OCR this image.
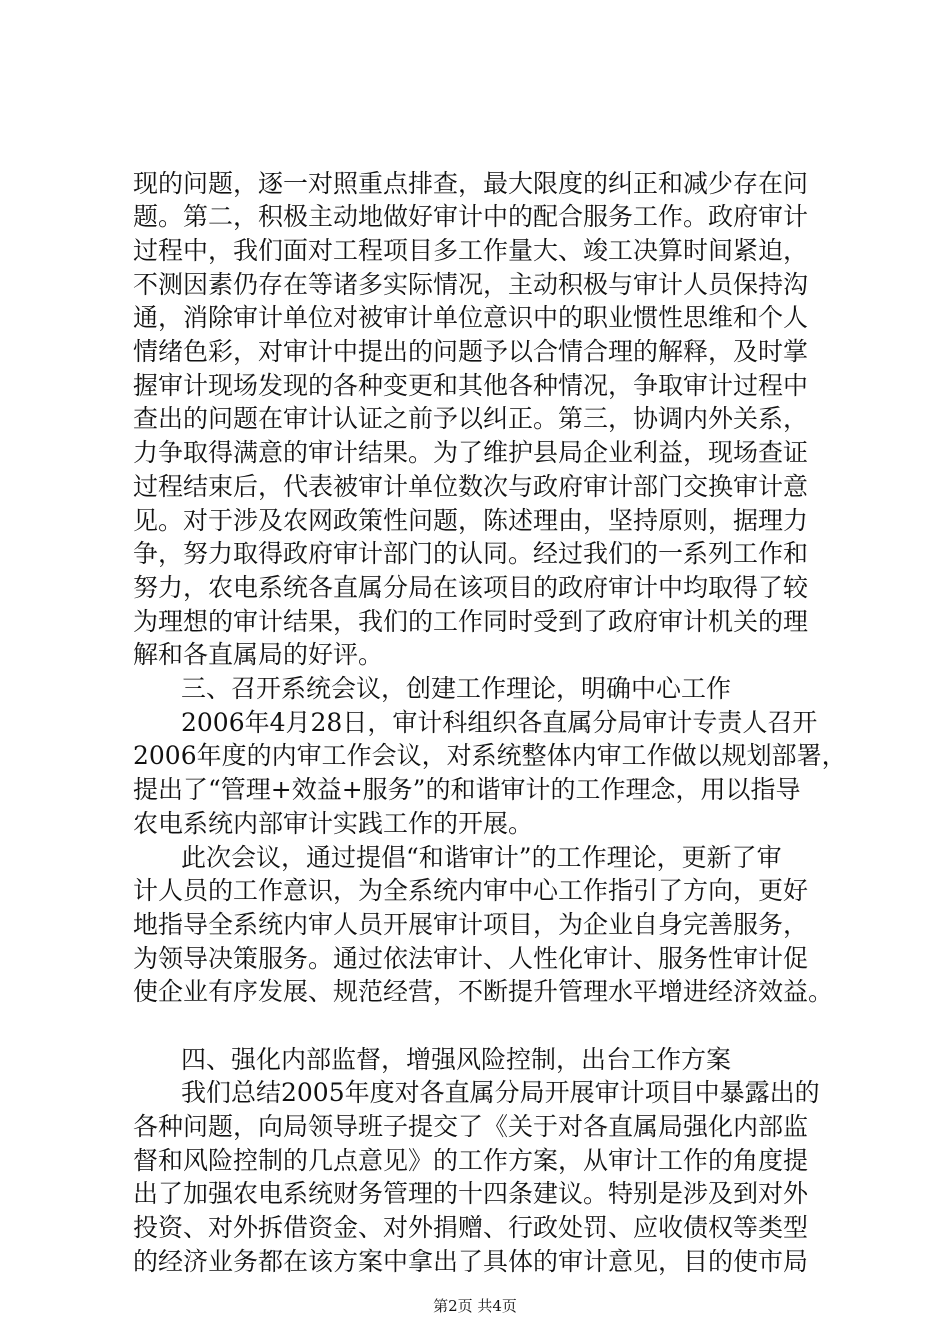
现的问题，逐一对照重点排查，最大限度的纠正和减少存在问
题。第二，积极主动地做好审计中的配合服务工作。政府审计
过程中，我们面对工程项目多工作量大、竣工决算时间紧迫，
不测因素仍存在等诸多实际情况，主动积极与审计人员保持沟
通，消除审计单位对被审计单位意识中的职业惯性思维和个人
情绪色彩，对审计中提出的问题予以合情合理的解释，及时掌
握审计现场发现的各种变更和其他各种情况，争取审计过程中
查出的问题在审计认证之前予以纠正。第三，协调内外关系，
力争取得满意的审计结果。为了维护县局企业利益，现场查证
过程结束后，代表被审计单位数次与政府审计部门交换审计意
见。对于涉及农网政策性问题，陈述理由，坚持原则，据理力
争，努力取得政府审计部门的认同。经过我们的一系列工作和
努力，农电系统各直属分局在该项目的政府审计中均取得了较
为理想的审计结果，我们的工作同时受到了政府审计机关的理
解和各直属局的好评。
三、召开系统会议，创建工作理论，明确中心工作
2006年4月28日，审计科组织各直属分局审计专责人召开
2006年度的内审工作会议，对系统整体内审工作做以规划部署，
提出了“管理+效益+服务”的和谐审计的工作理念，用以指导
农电系统内部审计实践工作的开展。
此次会议，通过提倡“和谐审计”的工作理论，更新了审
计人员的工作意识，为全系统内审中心工作指引了方向，更好
地指导全系统内审人员开展审计项目，为企业自身完善服务，
为领导决策服务。通过依法审计、人性化审计、服务性审计促
使企业有序发展、规范经营，不断提升管理水平增进经济效益。
四、强化内部监督，增强风险控制，出台工作方案
我们总结2005年度对各直属分局开展审计项目中暴露出的
各种问题，向局领导班子提交了《关于对各直属局强化内部监
督和风险控制的几点意见》的工作方案，从审计工作的角度提
出了加强农电系统财务管理的十四条建议。特别是涉及到对外
投资、对外拆借资金、对外捐赠、行政处罚、应收债权等类型
的经济业务都在该方案中拿出了具体的审计意见，目的使市局
第2页 共4页
